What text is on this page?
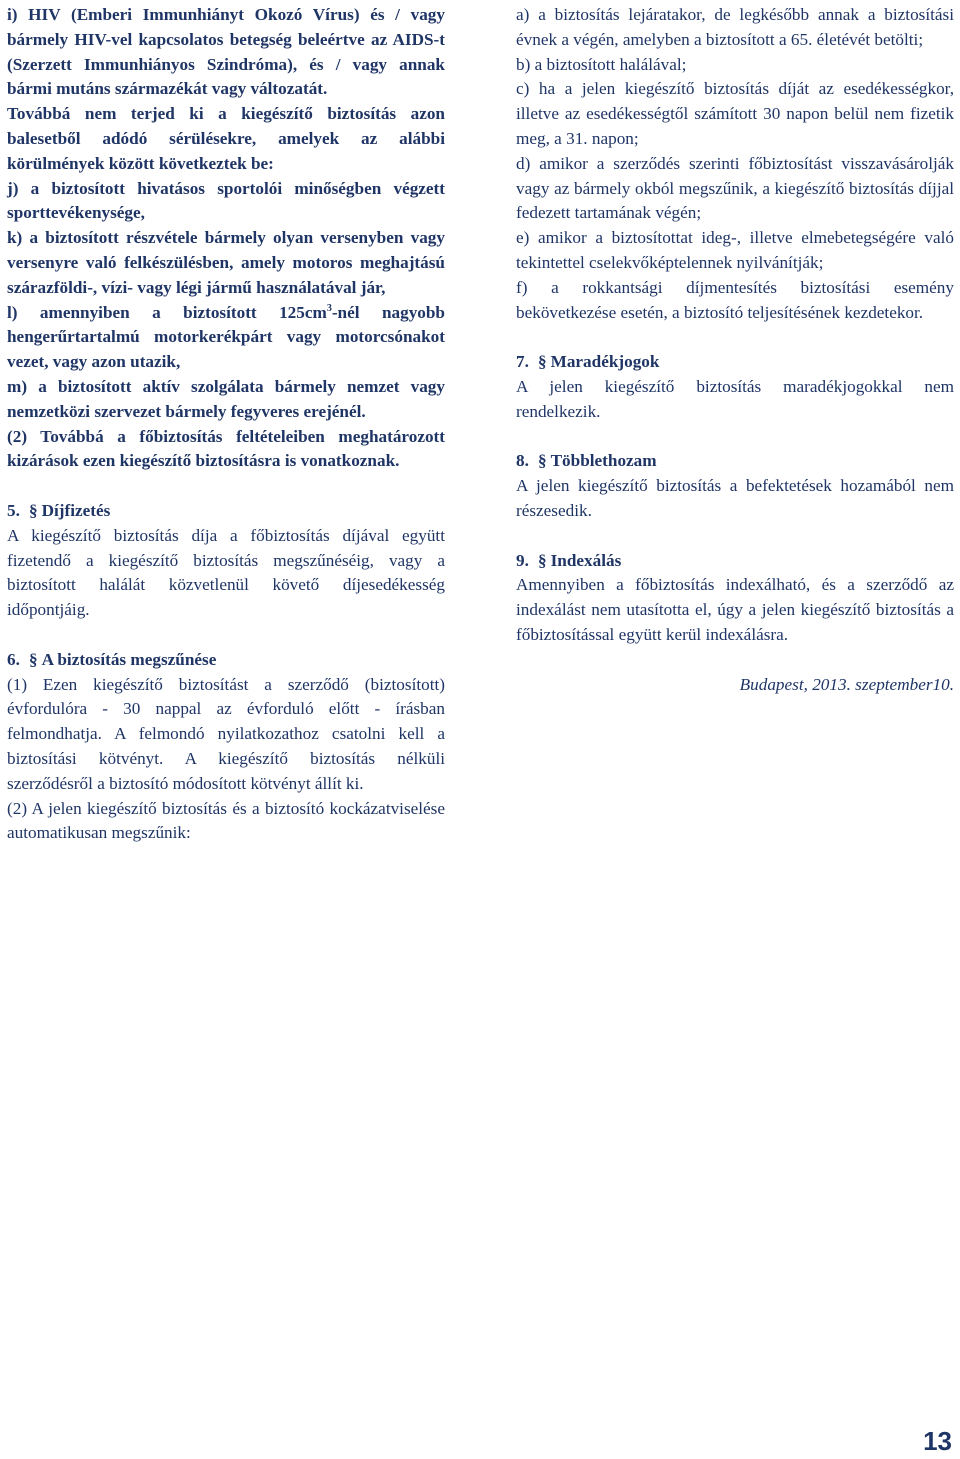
i) HIV (Emberi Immunhiányt Okozó Vírus) és / vagy bármely HIV-vel kapcsolatos betegség beleértve az AIDS-t (Szerzett Immunhiányos Szindróma), és / vagy annak bármi mutáns származékát vagy változatát.

Továbbá nem terjed ki a kiegészítő biztosítás azon balesetből adódó sérülésekre, amelyek az alábbi körülmények között következtek be:

j) a biztosított hivatásos sportolói minőségben végzett sporttevékenysége,

k) a biztosított részvétele bármely olyan versenyben vagy versenyre való felkészülésben, amely motoros meghajtású szárazföldi-, vízi- vagy légi jármű használatával jár,

l) amennyiben a biztosított $125cm^3$-nél nagyobb hengerűrtartalmú motorkerékpárt vagy motorcsónakot vezet, vagy azon utazik,

m) a biztosított aktív szolgálata bármely nemzet vagy nemzetközi szervezet bármely fegyveres erejénél.

(2) Továbbá a főbiztosítás feltételeiben meghatározott kizárások ezen kiegészítő biztosításra is vonatkoznak.

5. § Díjfizetés

A kiegészítő biztosítás díja a főbiztosítás díjával együtt fizetendő a kiegészítő biztosítás megszűnéséig, vagy a biztosított halálát közvetlenül követő díjesedékesség időpontjáig.

6. § A biztosítás megszűnése

(1) Ezen kiegészítő biztosítást a szerződő (biztosított) évfordulóra - 30 nappal az évforduló előtt - írásban felmondhatja. A felmondó nyilatkozathoz csatolni kell a biztosítási kötvényt. A kiegészítő biztosítás nélküli szerződésről a biztosító módosított kötvényt állít ki.

(2) A jelen kiegészítő biztosítás és a biztosító kockázatviselése automatikusan megszűnik:

a) a biztosítás lejáratakor, de legkésőbb annak a biztosítási évnek a végén, amelyben a biztosított a 65. életévét betölti;

b) a biztosított halálával;

c) ha a jelen kiegészítő biztosítás díját az esedékességkor, illetve az esedékességtől számított 30 napon belül nem fizetik meg, a 31. napon;

d) amikor a szerződés szerinti főbiztosítást visszavásárolják vagy az bármely okból megszűnik, a kiegészítő biztosítás díjjal fedezett tartamának végén;

e) amikor a biztosítottat ideg-, illetve elmebetegségére való tekintettel cselekvőképtelennek nyilvánítják;

f) a rokkantsági díjmentesítés biztosítási esemény bekövetkezése esetén, a biztosító teljesítésének kezdetekor.

7. § Maradékjogok

A jelen kiegészítő biztosítás maradékjogokkal nem rendelkezik.

8. § Többlethozam

A jelen kiegészítő biztosítás a befektetések hozamából nem részesedik.

9. § Indexálás

Amennyiben a főbiztosítás indexálható, és a szerződő az indexálást nem utasította el, úgy a jelen kiegészítő biztosítás a főbiztosítással együtt kerül indexálásra.

Budapest, 2013. szeptember10.

13
